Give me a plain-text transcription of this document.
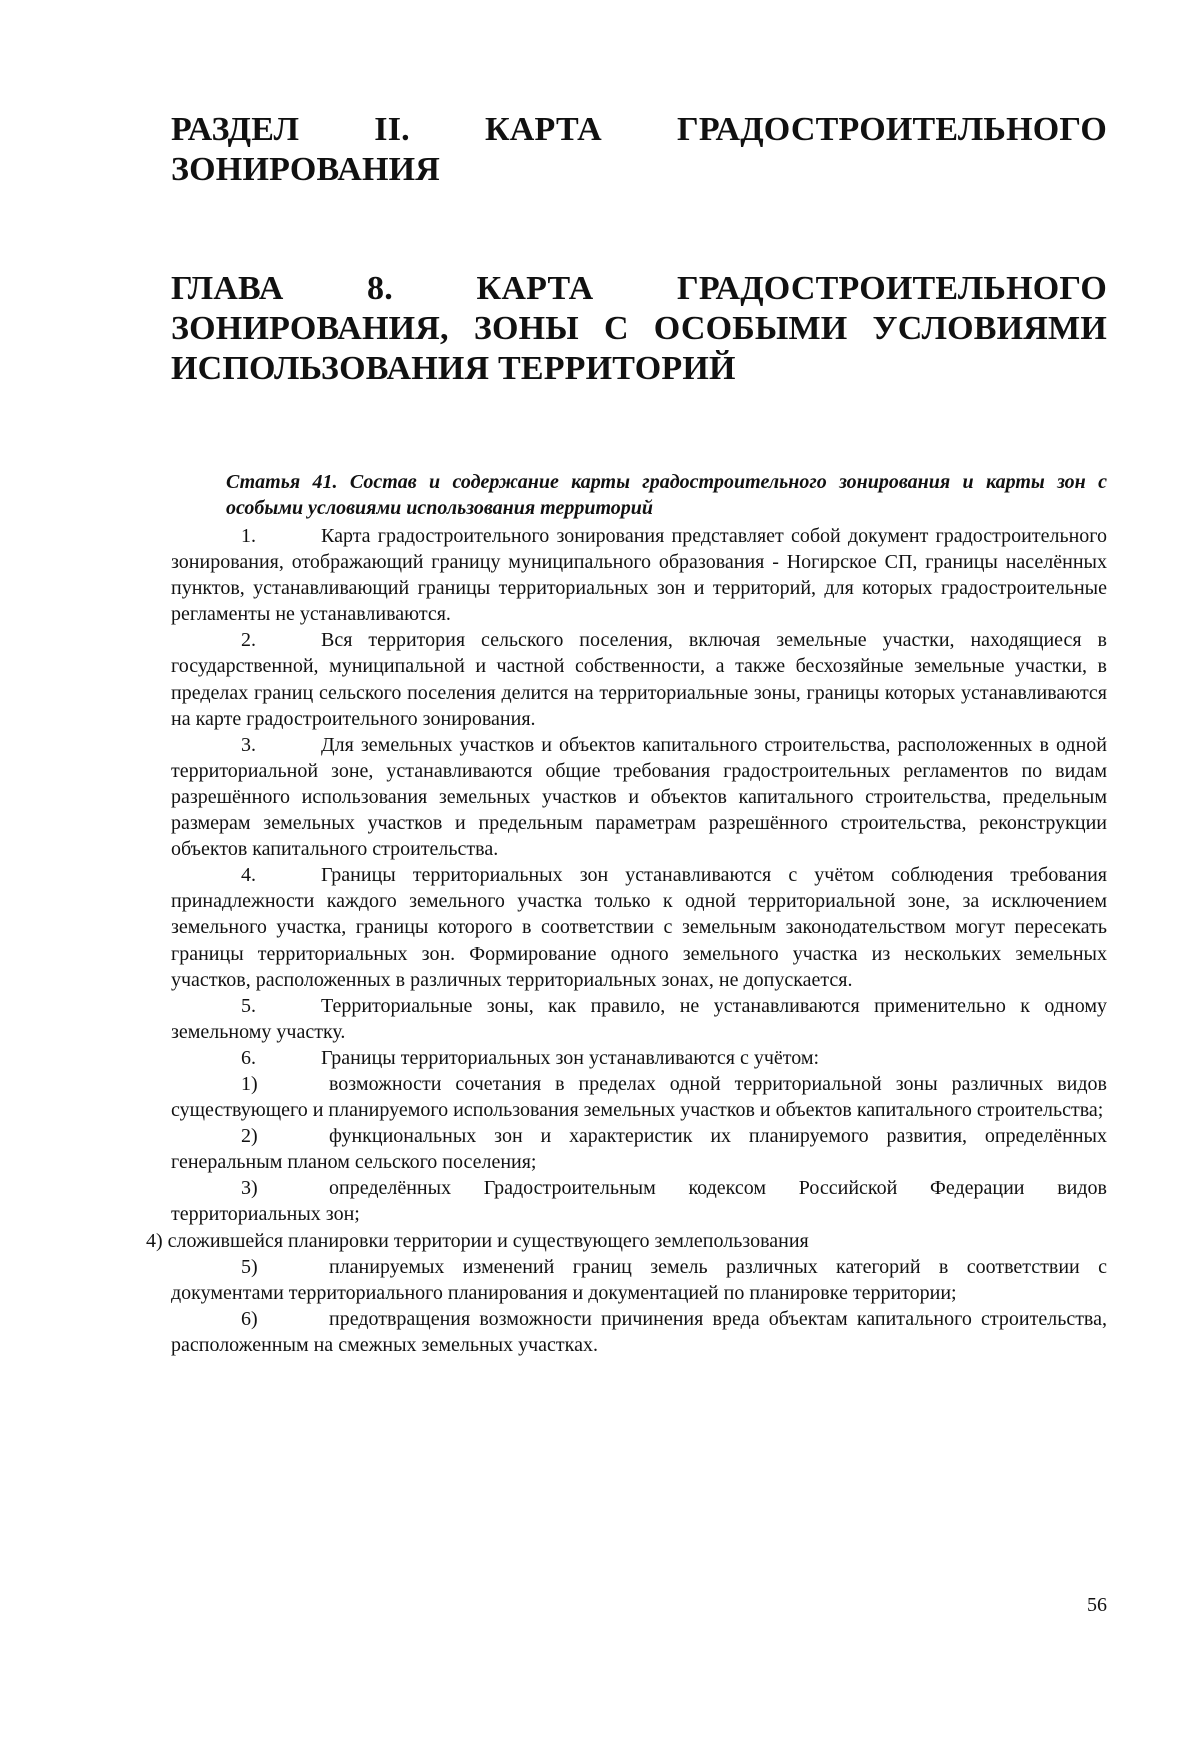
РАЗДЕЛ II. КАРТА ГРАДОСТРОИТЕЛЬНОГО ЗОНИРОВАНИЯ
ГЛАВА 8. КАРТА ГРАДОСТРОИТЕЛЬНОГО ЗОНИРОВАНИЯ, ЗОНЫ С ОСОБЫМИ УСЛОВИЯМИ ИСПОЛЬЗОВАНИЯ ТЕРРИТОРИЙ
Статья 41. Состав и содержание карты градостроительного зонирования и карты зон с особыми условиями использования территорий

1.	Карта градостроительного зонирования представляет собой документ градостроительного зонирования, отображающий границу муниципального образования - Ногирское СП, границы населённых пунктов, устанавливающий границы территориальных зон и территорий, для которых градостроительные регламенты не устанавливаются.

2.	Вся территория сельского поселения, включая земельные участки, находящиеся в государственной, муниципальной и частной собственности, а также бесхозяйные земельные участки, в пределах границ сельского поселения делится на территориальные зоны, границы которых устанавливаются на карте градостроительного зонирования.

3.	Для земельных участков и объектов капитального строительства, расположенных в одной территориальной зоне, устанавливаются общие требования градостроительных регламентов по видам разрешённого использования земельных участков и объектов капитального строительства, предельным размерам земельных участков и предельным параметрам разрешённого строительства, реконструкции объектов капитального строительства.

4.	Границы территориальных зон устанавливаются с учётом соблюдения требования принадлежности каждого земельного участка только к одной территориальной зоне, за исключением земельного участка, границы которого в соответствии с земельным законодательством могут пересекать границы территориальных зон. Формирование одного земельного участка из нескольких земельных участков, расположенных в различных территориальных зонах, не допускается.

5.	Территориальные зоны, как правило, не устанавливаются применительно к одному земельному участку.

6.	Границы территориальных зон устанавливаются с учётом:

1)	возможности сочетания в пределах одной территориальной зоны различных видов существующего и планируемого использования земельных участков и объектов капитального строительства;

2)	функциональных зон и характеристик их планируемого развития, определённых генеральным планом сельского поселения;

3)	определённых Градостроительным кодексом Российской Федерации видов территориальных зон;

4) сложившейся планировки территории и существующего землепользования

5)	планируемых изменений границ земель различных категорий в соответствии с документами территориального планирования и документацией по планировке территории;

6)	предотвращения возможности причинения вреда объектам капитального строительства, расположенным на смежных земельных участках.

56
